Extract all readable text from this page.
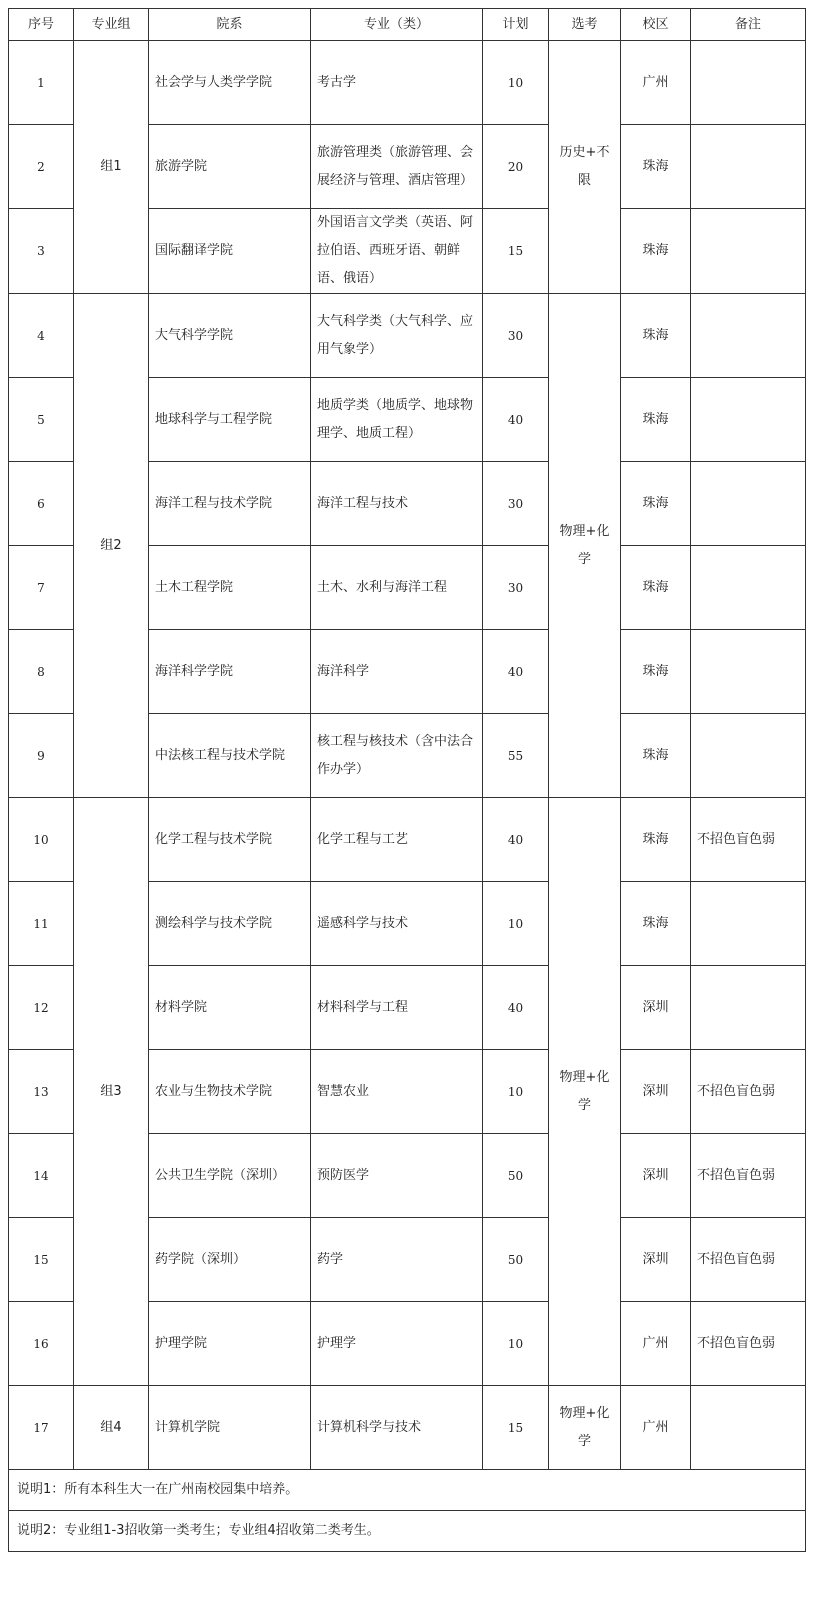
序号	专业组	院系	专业（类）	计划	选考	校区	备注
1	组1	社会学与人类学学院	考古学	10	历史+不限	广州	
2		旅游学院	旅游管理类（旅游管理、会展经济与管理、酒店管理）	20		珠海	
3		国际翻译学院	外国语言文学类（英语、阿拉伯语、西班牙语、朝鲜语、俄语）	15		珠海	
4	组2	大气科学学院	大气科学类（大气科学、应用气象学）	30	物理+化学	珠海	
5		地球科学与工程学院	地质学类（地质学、地球物理学、地质工程）	40		珠海	
6		海洋工程与技术学院	海洋工程与技术	30		珠海	
7		土木工程学院	土木、水利与海洋工程	30		珠海	
8		海洋科学学院	海洋科学	40		珠海	
9		中法核工程与技术学院	核工程与核技术（含中法合作办学）	55		珠海	
10	组3	化学工程与技术学院	化学工程与工艺	40	物理+化学	珠海	不招色盲色弱
11		测绘科学与技术学院	遥感科学与技术	10		珠海	
12		材料学院	材料科学与工程	40		深圳	
13		农业与生物技术学院	智慧农业	10		深圳	不招色盲色弱
14		公共卫生学院（深圳）	预防医学	50		深圳	不招色盲色弱
15		药学院（深圳）	药学	50		深圳	不招色盲色弱
16		护理学院	护理学	10		广州	不招色盲色弱
17	组4	计算机学院	计算机科学与技术	15	物理+化学	广州	
说明1：所有本科生大一在广州南校园集中培养。							
说明2：专业组1-3招收第一类考生；专业组4招收第二类考生。							
